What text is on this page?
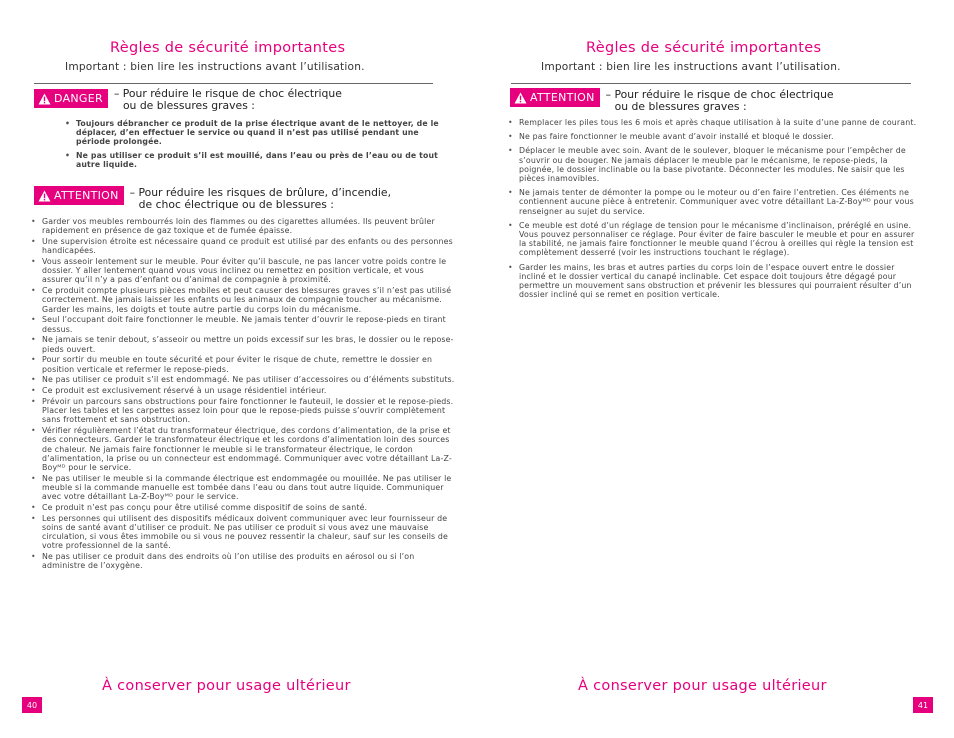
Règles de sécurité importantes
Important : bien lire les instructions avant l’utilisation.
DANGER – Pour réduire le risque de choc électrique
ou de blessures graves :
• Toujours débrancher ce produit de la prise électrique avant de le nettoyer, de le déplacer, d’en effectuer le service ou quand il n’est pas utilisé pendant une période prolongée.
• Ne pas utiliser ce produit s’il est mouillé, dans l’eau ou près de l’eau ou de tout autre liquide.
ATTENTION – Pour réduire les risques de brûlure, d’incendie,
de choc électrique ou de blessures :
• Garder vos meubles rembourrés loin des flammes ou des cigarettes allumées. Ils peuvent brûler rapidement en présence de gaz toxique et de fumée épaisse.
• Une supervision étroite est nécessaire quand ce produit est utilisé par des enfants ou des personnes handicapées.
• Vous asseoir lentement sur le meuble. Pour éviter qu’il bascule, ne pas lancer votre poids contre le dossier. Y aller lentement quand vous vous inclinez ou remettez en position verticale, et vous assurer qu’il n’y a pas d’enfant ou d’animal de compagnie à proximité.
• Ce produit compte plusieurs pièces mobiles et peut causer des blessures graves s’il n’est pas utilisé correctement. Ne jamais laisser les enfants ou les animaux de compagnie toucher au mécanisme. Garder les mains, les doigts et toute autre partie du corps loin du mécanisme.
• Seul l’occupant doit faire fonctionner le meuble. Ne jamais tenter d’ouvrir le repose-pieds en tirant dessus.
• Ne jamais se tenir debout, s’asseoir ou mettre un poids excessif sur les bras, le dossier ou le repose-pieds ouvert.
• Pour sortir du meuble en toute sécurité et pour éviter le risque de chute, remettre le dossier en position verticale et refermer le repose-pieds.
• Ne pas utiliser ce produit s’il est endommagé. Ne pas utiliser d’accessoires ou d’éléments substituts.
• Ce produit est exclusivement réservé à un usage résidentiel intérieur.
• Prévoir un parcours sans obstructions pour faire fonctionner le fauteuil, le dossier et le repose-pieds. Placer les tables et les carpettes assez loin pour que le repose-pieds puisse s’ouvrir complètement sans frottement et sans obstruction.
• Vérifier régulièrement l’état du transformateur électrique, des cordons d’alimentation, de la prise et des connecteurs. Garder le transformateur électrique et les cordons d’alimentation loin des sources de chaleur. Ne jamais faire fonctionner le meuble si le transformateur électrique, le cordon d’alimentation, la prise ou un connecteur est endommagé. Communiquer avec votre détaillant La-Z-Boyᴹᴰ pour le service.
• Ne pas utiliser le meuble si la commande électrique est endommagée ou mouillée. Ne pas utiliser le meuble si la commande manuelle est tombée dans l’eau ou dans tout autre liquide. Communiquer avec votre détaillant La-Z-Boyᴹᴰ pour le service.
• Ce produit n’est pas conçu pour être utilisé comme dispositif de soins de santé.
• Les personnes qui utilisent des dispositifs médicaux doivent communiquer avec leur fournisseur de soins de santé avant d’utiliser ce produit. Ne pas utiliser ce produit si vous avez une mauvaise circulation, si vous êtes immobile ou si vous ne pouvez ressentir la chaleur, sauf sur les conseils de votre professionnel de la santé.
• Ne pas utiliser ce produit dans des endroits où l’on utilise des produits en aérosol ou si l’on administre de l’oxygène.
À conserver pour usage ultérieur
40
Règles de sécurité importantes
Important : bien lire les instructions avant l’utilisation.
ATTENTION – Pour réduire le risque de choc électrique
ou de blessures graves :
• Remplacer les piles tous les 6 mois et après chaque utilisation à la suite d’une panne de courant.
• Ne pas faire fonctionner le meuble avant d’avoir installé et bloqué le dossier.
• Déplacer le meuble avec soin. Avant de le soulever, bloquer le mécanisme pour l’empêcher de s’ouvrir ou de bouger. Ne jamais déplacer le meuble par le mécanisme, le repose-pieds, la poignée, le dossier inclinable ou la base pivotante. Déconnecter les modules. Ne saisir que les pièces inamovibles.
• Ne jamais tenter de démonter la pompe ou le moteur ou d’en faire l’entretien. Ces éléments ne contiennent aucune pièce à entretenir. Communiquer avec votre détaillant La-Z-Boyᴹᴰ pour vous renseigner au sujet du service.
• Ce meuble est doté d’un réglage de tension pour le mécanisme d’inclinaison, préréglé en usine. Vous pouvez personnaliser ce réglage. Pour éviter de faire basculer le meuble et pour en assurer la stabilité, ne jamais faire fonctionner le meuble quand l’écrou à oreilles qui règle la tension est complètement desserré (voir les instructions touchant le réglage).
• Garder les mains, les bras et autres parties du corps loin de l’espace ouvert entre le dossier incliné et le dossier vertical du canapé inclinable. Cet espace doit toujours être dégagé pour permettre un mouvement sans obstruction et prévenir les blessures qui pourraient résulter d’un dossier incliné qui se remet en position verticale.
À conserver pour usage ultérieur
41
